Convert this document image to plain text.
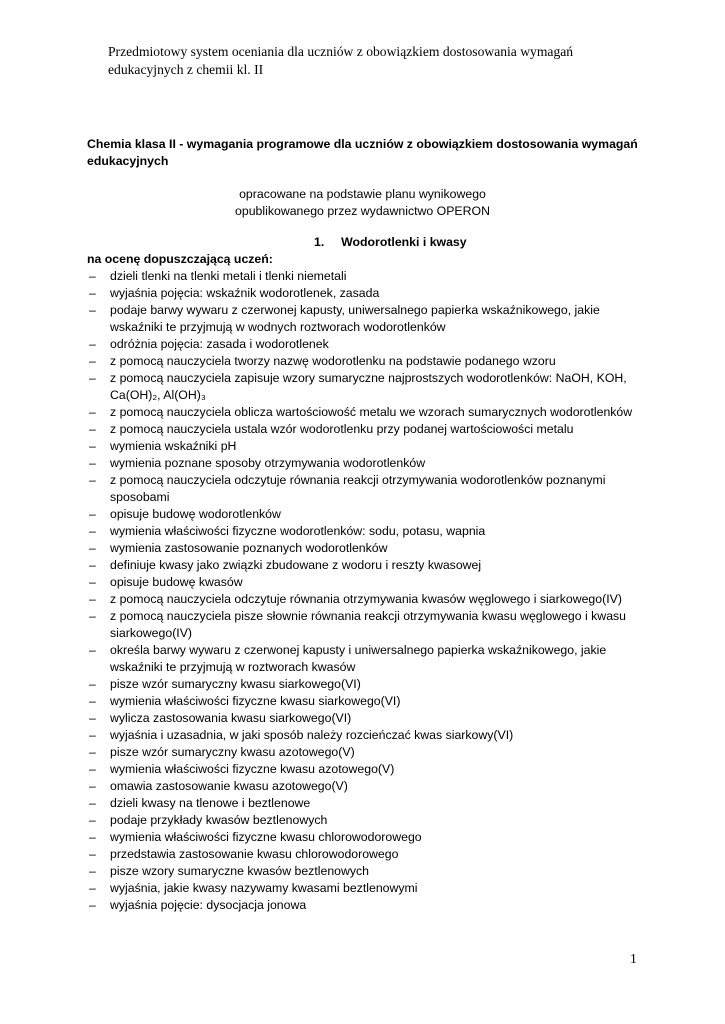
Przedmiotowy system oceniania dla uczniów z obowiązkiem dostosowania wymagań
edukacyjnych z chemii kl. II
Chemia klasa II - wymagania programowe dla uczniów z obowiązkiem dostosowania wymagań edukacyjnych
opracowane na podstawie planu wynikowego
opublikowanego przez wydawnictwo OPERON
1. Wodorotlenki i kwasy
na ocenę dopuszczającą uczeń:
– dzieli tlenki na tlenki metali i tlenki niemetali
– wyjaśnia pojęcia: wskaźnik wodorotlenek, zasada
– podaje barwy wywaru z czerwonej kapusty, uniwersalnego papierka wskaźnikowego, jakie wskaźniki te przyjmują w wodnych roztworach wodorotlenków
– odróżnia pojęcia: zasada i wodorotlenek
– z pomocą nauczyciela tworzy nazwę wodorotlenku na podstawie podanego wzoru
– z pomocą nauczyciela zapisuje wzory sumaryczne najprostszych wodorotlenków: NaOH, KOH, Ca(OH)₂, Al(OH)₃
– z pomocą nauczyciela oblicza wartościowość metalu we wzorach sumarycznych wodorotlenków
– z pomocą nauczyciela ustala wzór wodorotlenku przy podanej wartościowości metalu
– wymienia wskaźniki pH
– wymienia poznane sposoby otrzymywania wodorotlenków
– z pomocą nauczyciela odczytuje równania reakcji otrzymywania wodorotlenków poznanymi sposobami
– opisuje budowę wodorotlenków
– wymienia właściwości fizyczne wodorotlenków: sodu, potasu, wapnia
– wymienia zastosowanie poznanych wodorotlenków
– definiuje kwasy jako związki zbudowane z wodoru i reszty kwasowej
– opisuje budowę kwasów
– z pomocą nauczyciela odczytuje równania otrzymywania kwasów węglowego i siarkowego(IV)
– z pomocą nauczyciela pisze słownie równania reakcji otrzymywania kwasu węglowego i kwasu siarkowego(IV)
– określa barwy wywaru z czerwonej kapusty i uniwersalnego papierka wskaźnikowego, jakie wskaźniki te przyjmują w roztworach kwasów
– pisze wzór sumaryczny kwasu siarkowego(VI)
– wymienia właściwości fizyczne kwasu siarkowego(VI)
– wylicza zastosowania kwasu siarkowego(VI)
– wyjaśnia i uzasadnia, w jaki sposób należy rozcieńczać kwas siarkowy(VI)
– pisze wzór sumaryczny kwasu azotowego(V)
– wymienia właściwości fizyczne kwasu azotowego(V)
– omawia zastosowanie kwasu azotowego(V)
– dzieli kwasy na tlenowe i beztlenowe
– podaje przykłady kwasów beztlenowych
– wymienia właściwości fizyczne kwasu chlorowodorowego
– przedstawia zastosowanie kwasu chlorowodorowego
– pisze wzory sumaryczne kwasów beztlenowych
– wyjaśnia, jakie kwasy nazywamy kwasami beztlenowymi
– wyjaśnia pojęcie: dysocjacja jonowa
1
